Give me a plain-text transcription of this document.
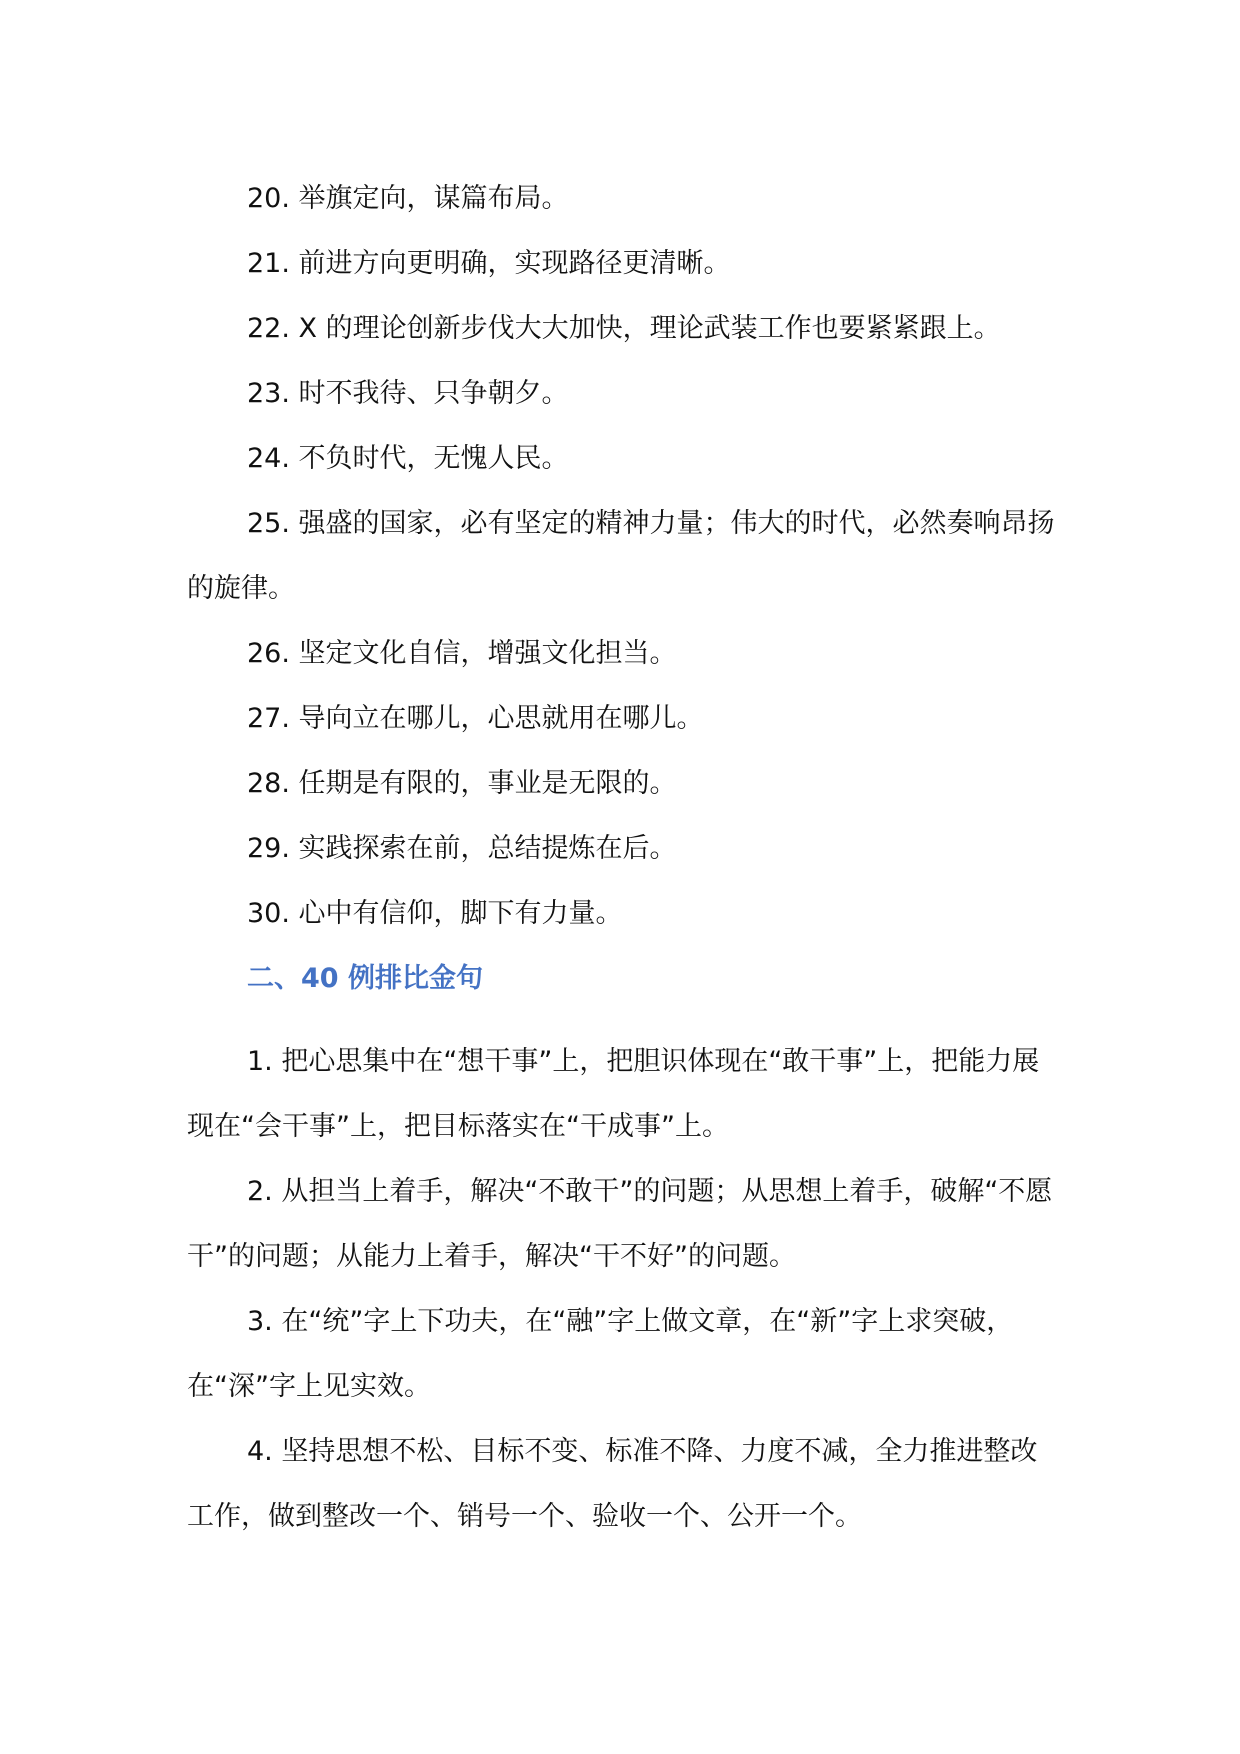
20. 举旗定向，谋篇布局。

21. 前进方向更明确，实现路径更清晰。

22. X 的理论创新步伐大大加快，理论武装工作也要紧紧跟上。

23. 时不我待、只争朝夕。

24. 不负时代，无愧人民。

25. 强盛的国家，必有坚定的精神力量；伟大的时代，必然奏响昂扬的旋律。

26. 坚定文化自信，增强文化担当。

27. 导向立在哪儿，心思就用在哪儿。

28. 任期是有限的，事业是无限的。

29. 实践探索在前，总结提炼在后。

30. 心中有信仰，脚下有力量。

二、40 例排比金句

1. 把心思集中在“想干事”上，把胆识体现在“敢干事”上，把能力展现在“会干事”上，把目标落实在“干成事”上。

2. 从担当上着手，解决“不敢干”的问题；从思想上着手，破解“不愿干”的问题；从能力上着手，解决“干不好”的问题。

3. 在“统”字上下功夫，在“融”字上做文章，在“新”字上求突破，在“深”字上见实效。

4. 坚持思想不松、目标不变、标准不降、力度不减，全力推进整改工作，做到整改一个、销号一个、验收一个、公开一个。
